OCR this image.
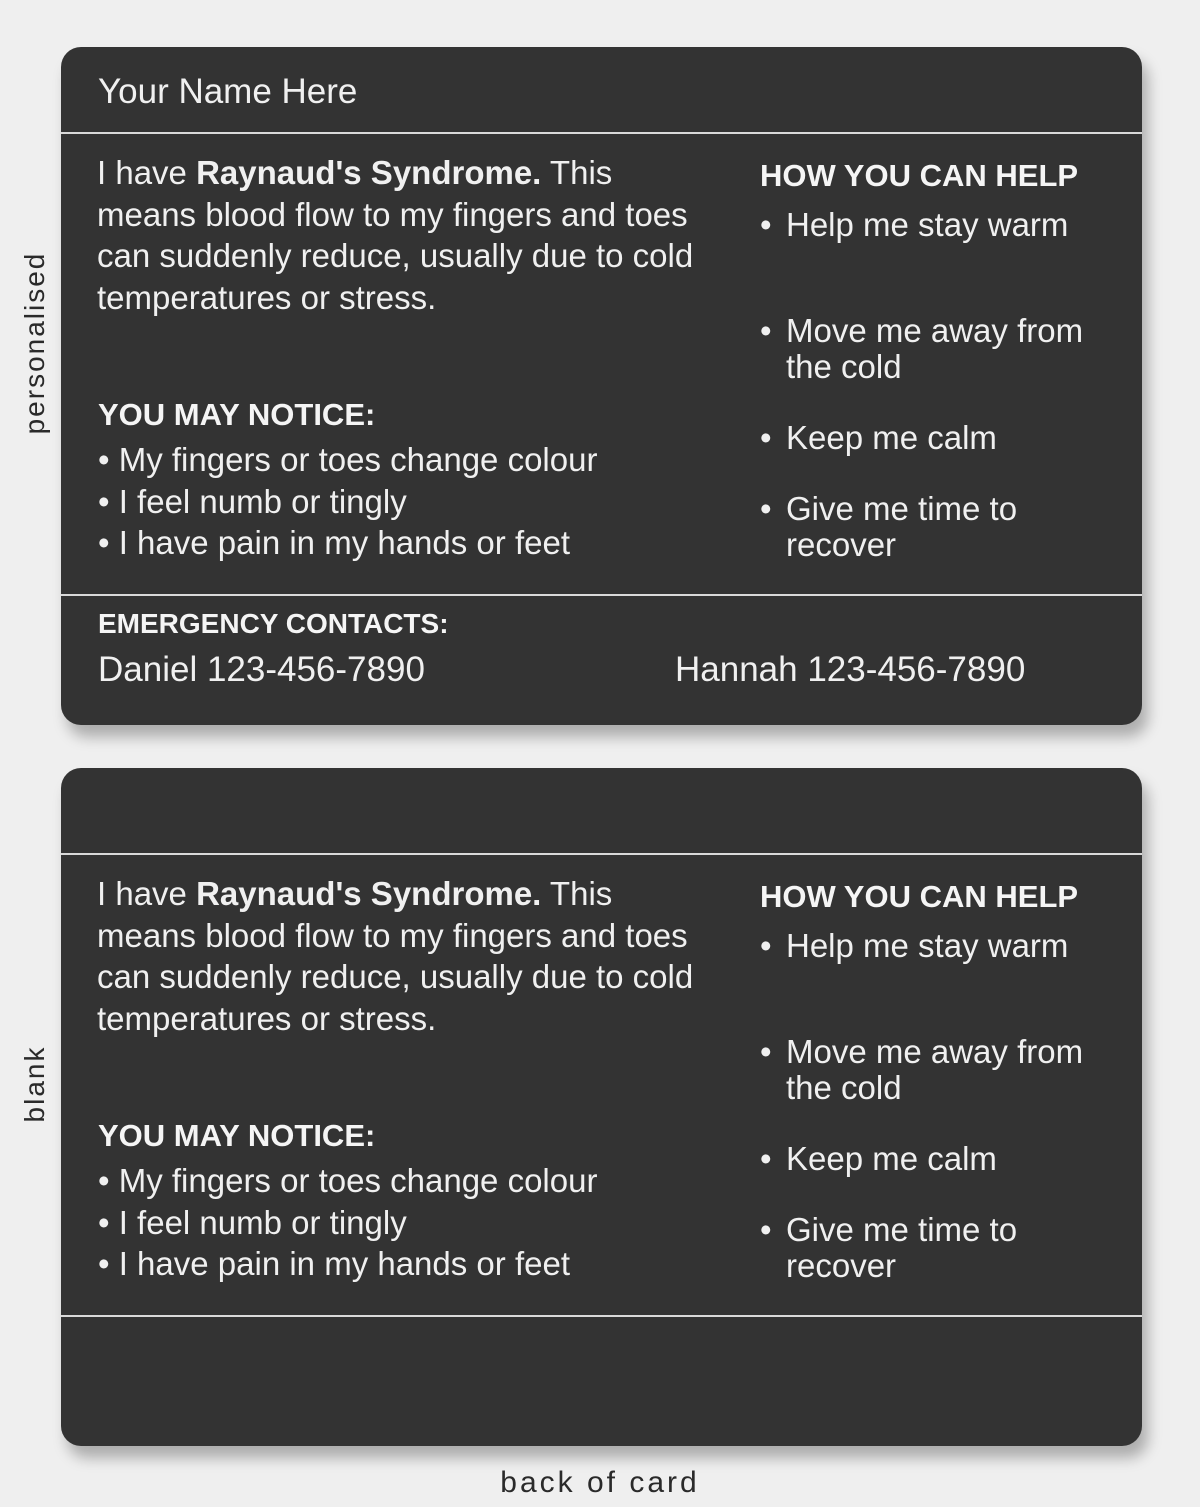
personalised
blank
Your Name Here
I have Raynaud's Syndrome. This means blood flow to my fingers and toes can suddenly reduce, usually due to cold temperatures or stress.
YOU MAY NOTICE:
• My fingers or toes change colour
• I feel numb or tingly
• I have pain in my hands or feet
HOW YOU CAN HELP
• Help me stay warm
• Move me away from the cold
• Keep me calm
• Give me time to recover
EMERGENCY CONTACTS:
Daniel 123-456-7890	Hannah 123-456-7890
I have Raynaud's Syndrome. This means blood flow to my fingers and toes can suddenly reduce, usually due to cold temperatures or stress.
YOU MAY NOTICE:
• My fingers or toes change colour
• I feel numb or tingly
• I have pain in my hands or feet
HOW YOU CAN HELP
• Help me stay warm
• Move me away from the cold
• Keep me calm
• Give me time to recover
back of card
